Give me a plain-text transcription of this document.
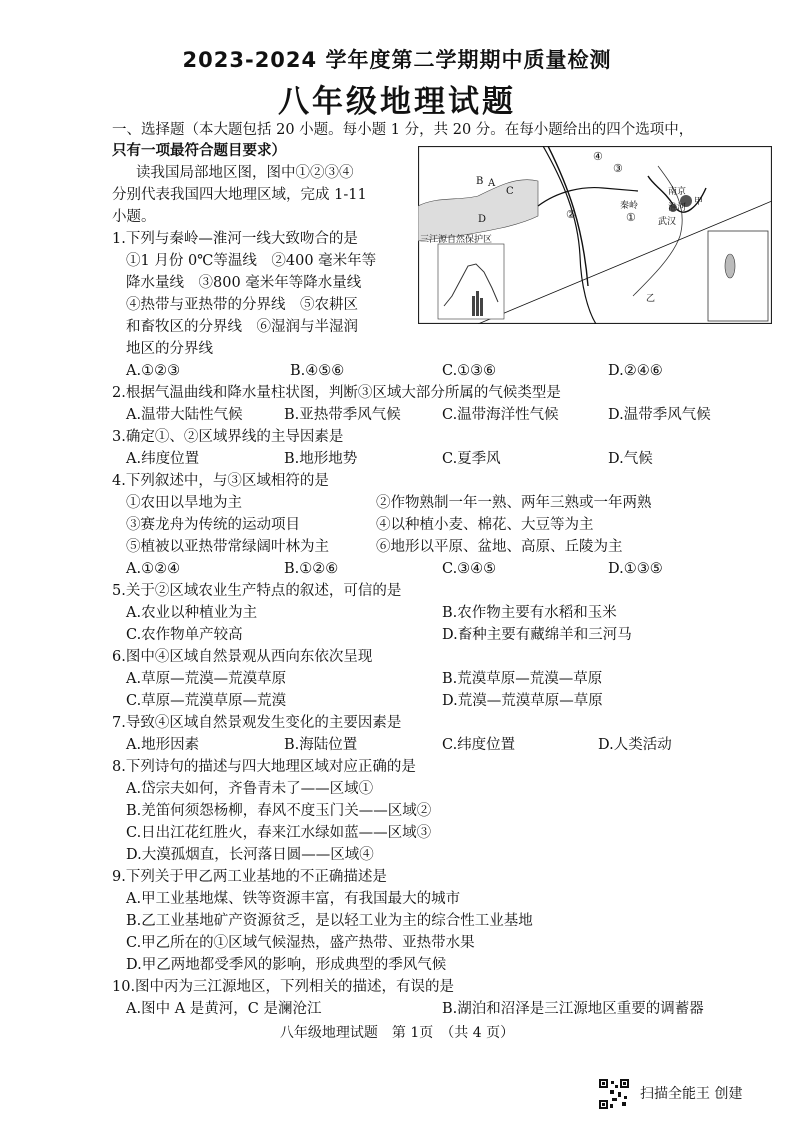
2023-2024 学年度第二学期期中质量检测
八年级地理试题
一、选择题（本大题包括 20 小题。每小题 1 分，共 20 分。在每小题给出的四个选项中，
只有一项最符合题目要求）
读我国局部地区图，图中①②③④
分别代表我国四大地理区域，完成 1-11
小题。
④
②
③
①
A
B
C
D
南京
淮河
秦岭
武汉
甲
乙
三江源自然保护区
1.下列与秦岭—淮河一线大致吻合的是
①1 月份 0℃等温线　②400 毫米年等
降水量线　③800 毫米年等降水量线
④热带与亚热带的分界线　⑤农耕区
和畜牧区的分界线　⑥湿润与半湿润
地区的分界线
A.①②③	B.④⑤⑥	C.①③⑥	D.②④⑥
2.根据气温曲线和降水量柱状图，判断③区域大部分所属的气候类型是
A.温带大陆性气候	B.亚热带季风气候	C.温带海洋性气候	D.温带季风气候
3.确定①、②区域界线的主导因素是
A.纬度位置	B.地形地势	C.夏季风	D.气候
4.下列叙述中，与③区域相符的是
①农田以旱地为主	②作物熟制一年一熟、两年三熟或一年两熟
③赛龙舟为传统的运动项目	④以种植小麦、棉花、大豆等为主
⑤植被以亚热带常绿阔叶林为主	⑥地形以平原、盆地、高原、丘陵为主
A.①②④	B.①②⑥	C.③④⑤	D.①③⑤
5.关于②区域农业生产特点的叙述，可信的是
A.农业以种植业为主	B.农作物主要有水稻和玉米
C.农作物单产较高	D.畜种主要有藏绵羊和三河马
6.图中④区域自然景观从西向东依次呈现
A.草原—荒漠—荒漠草原	B.荒漠草原—荒漠—草原
C.草原—荒漠草原—荒漠	D.荒漠—荒漠草原—草原
7.导致④区域自然景观发生变化的主要因素是
A.地形因素	B.海陆位置	C.纬度位置	D.人类活动
8.下列诗句的描述与四大地理区域对应正确的是
A.岱宗夫如何，齐鲁青未了——区域①
B.羌笛何须怨杨柳，春风不度玉门关——区域②
C.日出江花红胜火，春来江水绿如蓝——区域③
D.大漠孤烟直，长河落日圆——区域④
9.下列关于甲乙两工业基地的不正确描述是
A.甲工业基地煤、铁等资源丰富，有我国最大的城市
B.乙工业基地矿产资源贫乏，是以轻工业为主的综合性工业基地
C.甲乙所在的①区域气候湿热，盛产热带、亚热带水果
D.甲乙两地都受季风的影响，形成典型的季风气候
10.图中丙为三江源地区，下列相关的描述，有误的是
A.图中 A 是黄河，C 是澜沧江	B.湖泊和沼泽是三江源地区重要的调蓄器
八年级地理试题　第 1页　（共 4 页）
扫描全能王 创建
